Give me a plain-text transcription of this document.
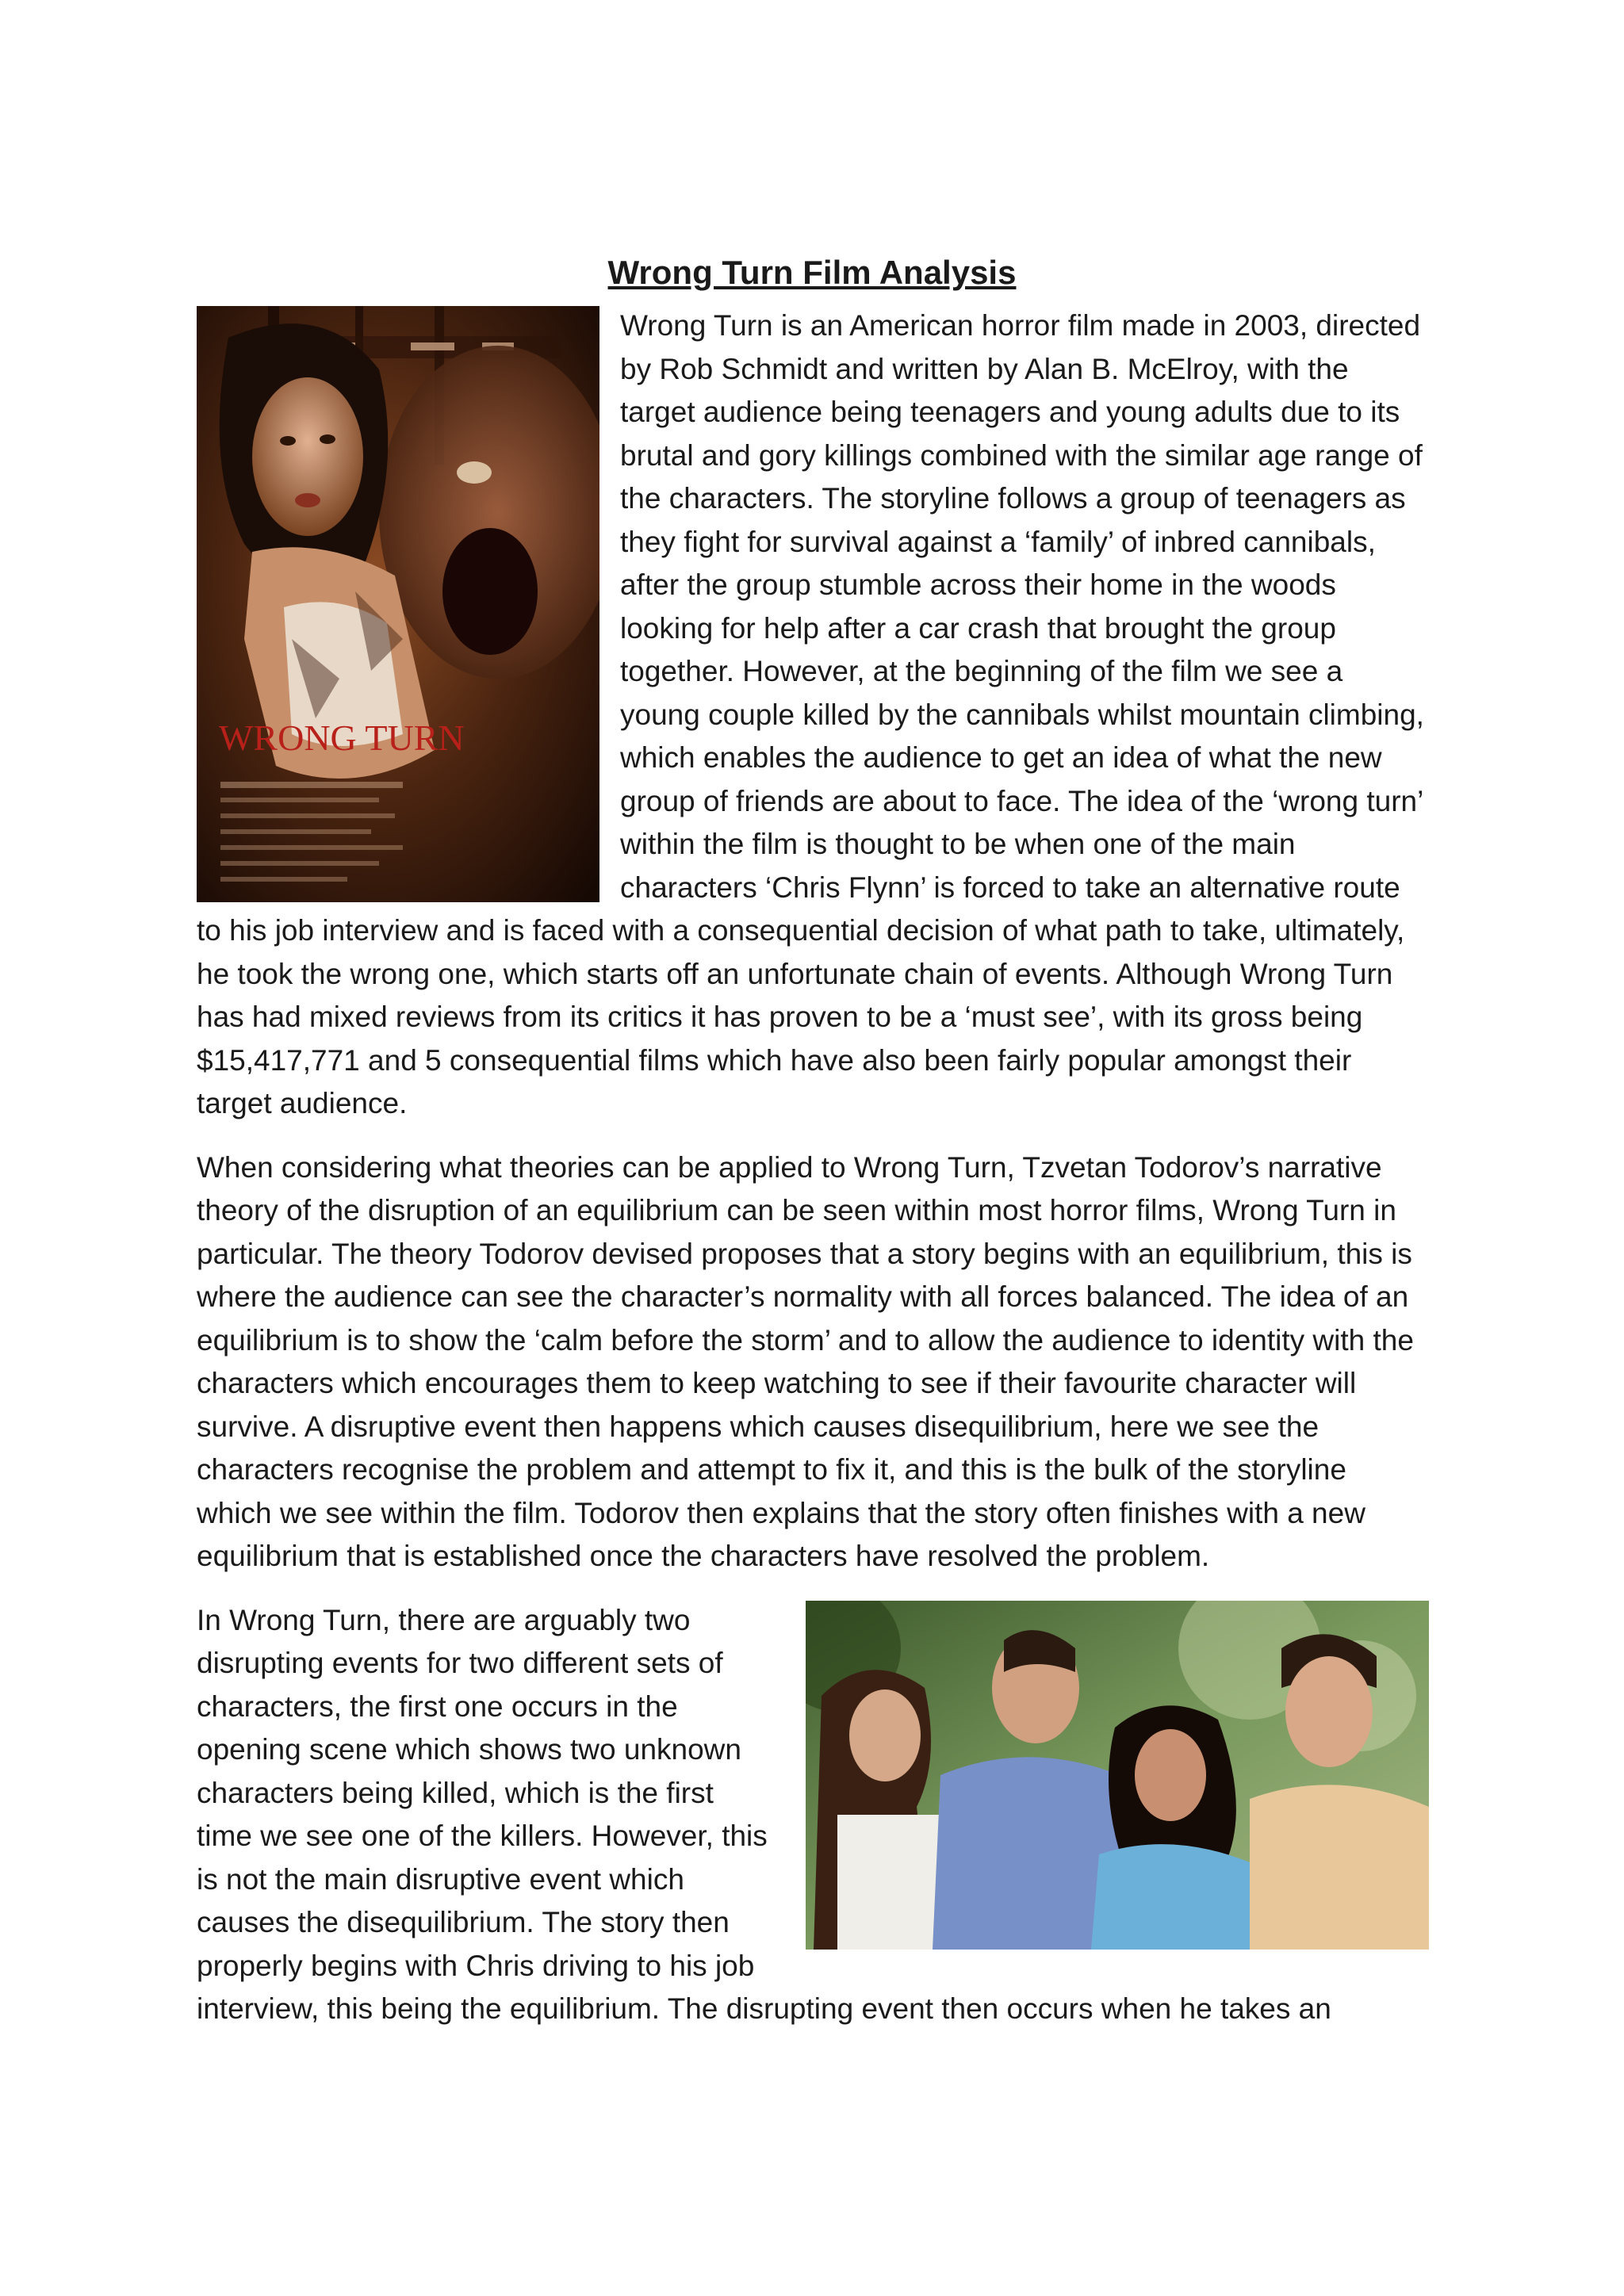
Wrong Turn Film Analysis

WRONG TURN
Wrong Turn is an American horror film made in 2003, directed by Rob Schmidt and written by Alan B. McElroy, with the target audience being teenagers and young adults due to its brutal and gory killings combined with the similar age range of the characters. The storyline follows a group of teenagers as they fight for survival against a ‘family’ of inbred cannibals, after the group stumble across their home in the woods looking for help after a car crash that brought the group together. However, at the beginning of the film we see a young couple killed by the cannibals whilst mountain climbing, which enables the audience to get an idea of what the new group of friends are about to face. The idea of the ‘wrong turn’ within the film is thought to be when one of the main characters ‘Chris Flynn’ is forced to take an alternative route to his job interview and is faced with a consequential decision of what path to take, ultimately, he took the wrong one, which starts off an unfortunate chain of events. Although Wrong Turn has had mixed reviews from its critics it has proven to be a ‘must see’, with its gross being $15,417,771 and 5 consequential films which have also been fairly popular amongst their target audience.

When considering what theories can be applied to Wrong Turn, Tzvetan Todorov’s narrative theory of the disruption of an equilibrium can be seen within most horror films, Wrong Turn in particular. The theory Todorov devised proposes that a story begins with an equilibrium, this is where the audience can see the character’s normality with all forces balanced. The idea of an equilibrium is to show the ‘calm before the storm’ and to allow the audience to identity with the characters which encourages them to keep watching to see if their favourite character will survive. A disruptive event then happens which causes disequilibrium, here we see the characters recognise the problem and attempt to fix it, and this is the bulk of the storyline which we see within the film. Todorov then explains that the story often finishes with a new equilibrium that is established once the characters have resolved the problem.

In Wrong Turn, there are arguably two disrupting events for two different sets of characters, the first one occurs in the opening scene which shows two unknown characters being killed, which is the first time we see one of the killers. However, this is not the main disruptive event which causes the disequilibrium. The story then properly begins with Chris driving to his job interview, this being the equilibrium. The disrupting event then occurs when he takes an
